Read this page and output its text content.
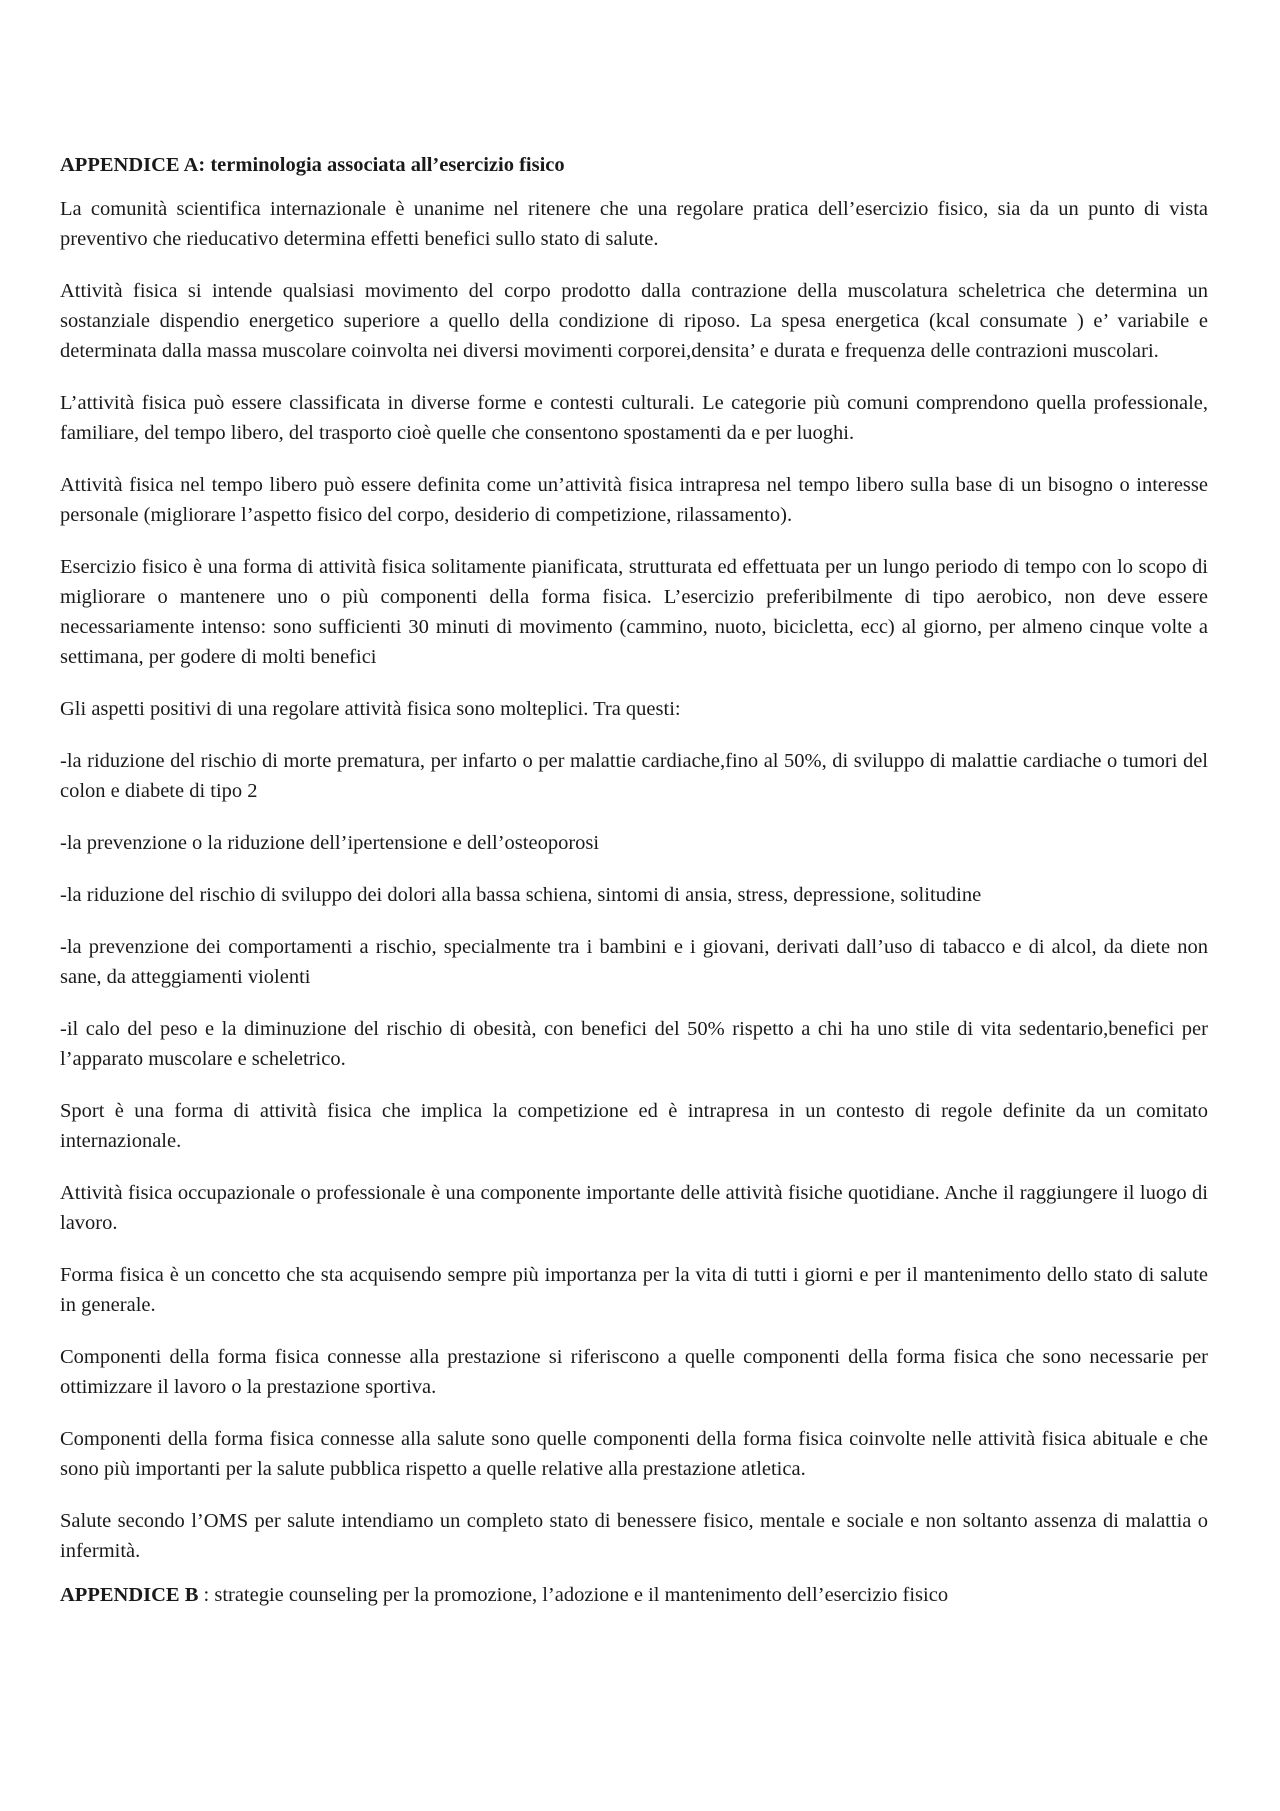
APPENDICE A: terminologia associata all’esercizio fisico

La comunità scientifica internazionale è unanime nel ritenere che una regolare pratica dell’esercizio fisico, sia da un punto di vista preventivo che rieducativo determina effetti benefici sullo stato di salute.

Attività fisica si intende qualsiasi movimento del corpo prodotto dalla contrazione della muscolatura scheletrica che determina un sostanziale dispendio energetico superiore a quello della condizione di riposo. La spesa energetica (kcal consumate ) e’ variabile e determinata dalla massa muscolare coinvolta nei diversi movimenti corporei,densita’ e durata e frequenza delle contrazioni muscolari.

L’attività fisica può essere classificata in diverse forme e contesti culturali. Le categorie più comuni comprendono quella professionale, familiare, del tempo libero, del trasporto cioè quelle che consentono spostamenti da e per luoghi.

Attività fisica nel tempo libero può essere definita come un’attività fisica intrapresa nel tempo libero sulla base di un bisogno o interesse personale (migliorare l’aspetto fisico del corpo, desiderio di competizione, rilassamento).

Esercizio fisico è una forma di attività fisica solitamente pianificata, strutturata ed effettuata per un lungo periodo di tempo con lo scopo di migliorare o mantenere uno o più componenti della forma fisica. L’esercizio preferibilmente di tipo aerobico, non deve essere necessariamente intenso: sono sufficienti 30 minuti di movimento (cammino, nuoto, bicicletta, ecc) al giorno, per almeno cinque volte a settimana, per godere di molti benefici

Gli aspetti positivi di una regolare attività fisica sono molteplici. Tra questi:

-la riduzione del rischio di morte prematura, per infarto o per malattie cardiache,fino al 50%, di sviluppo di malattie cardiache o tumori del colon e diabete di tipo 2

-la prevenzione o la riduzione dell’ipertensione e dell’osteoporosi

-la riduzione del rischio di sviluppo dei dolori alla bassa schiena, sintomi di ansia, stress, depressione, solitudine

-la prevenzione dei comportamenti a rischio, specialmente tra i bambini e i giovani, derivati dall’uso di tabacco e di alcol, da diete non sane, da atteggiamenti violenti

-il calo del peso e la diminuzione del rischio di obesità, con benefici del 50% rispetto a chi ha uno stile di vita sedentario,benefici per l’apparato muscolare e scheletrico.

Sport è una forma di attività fisica che implica la competizione ed è intrapresa in un contesto di regole definite da un comitato internazionale.

Attività fisica occupazionale o professionale è una componente importante delle attività fisiche quotidiane. Anche il raggiungere il luogo di lavoro.

Forma fisica è un concetto che sta acquisendo sempre più importanza per la vita di tutti i giorni e per il mantenimento dello stato di salute in generale.

Componenti della forma fisica connesse alla prestazione si riferiscono a quelle componenti della forma fisica che sono necessarie per ottimizzare il lavoro o la prestazione sportiva.

Componenti della forma fisica connesse alla salute sono quelle componenti della forma fisica coinvolte nelle attività fisica abituale e che sono più importanti per la salute pubblica rispetto a quelle relative alla prestazione atletica.

Salute secondo l’OMS per salute intendiamo un completo stato di benessere fisico, mentale e sociale e non soltanto assenza di malattia o infermità.

APPENDICE B : strategie counseling per la promozione, l’adozione e il mantenimento dell’esercizio fisico
